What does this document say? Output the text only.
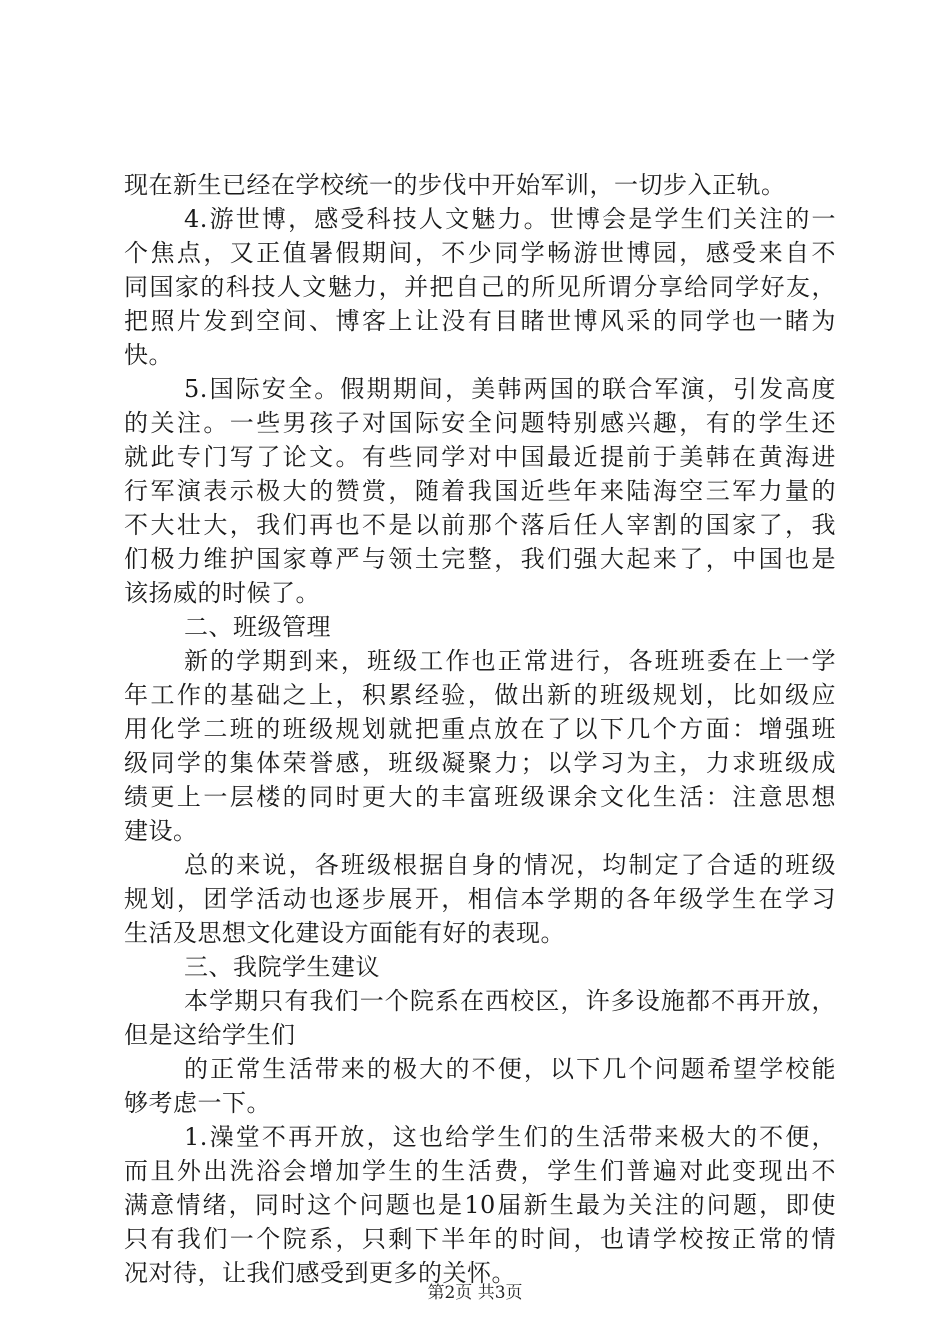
现在新生已经在学校统一的步伐中开始军训，一切步入正轨。
4.游世博，感受科技人文魅力。世博会是学生们关注的一
个焦点，又正值暑假期间，不少同学畅游世博园，感受来自不
同国家的科技人文魅力，并把自己的所见所谓分享给同学好友，
把照片发到空间、博客上让没有目睹世博风采的同学也一睹为
快。
5.国际安全。假期期间，美韩两国的联合军演，引发高度
的关注。一些男孩子对国际安全问题特别感兴趣，有的学生还
就此专门写了论文。有些同学对中国最近提前于美韩在黄海进
行军演表示极大的赞赏，随着我国近些年来陆海空三军力量的
不大壮大，我们再也不是以前那个落后任人宰割的国家了，我
们极力维护国家尊严与领土完整，我们强大起来了，中国也是
该扬威的时候了。
二、班级管理
新的学期到来，班级工作也正常进行，各班班委在上一学
年工作的基础之上，积累经验，做出新的班级规划，比如级应
用化学二班的班级规划就把重点放在了以下几个方面：增强班
级同学的集体荣誉感，班级凝聚力；以学习为主，力求班级成
绩更上一层楼的同时更大的丰富班级课余文化生活：注意思想
建设。
总的来说，各班级根据自身的情况，均制定了合适的班级
规划，团学活动也逐步展开，相信本学期的各年级学生在学习
生活及思想文化建设方面能有好的表现。
三、我院学生建议
本学期只有我们一个院系在西校区，许多设施都不再开放，
但是这给学生们
的正常生活带来的极大的不便，以下几个问题希望学校能
够考虑一下。
1.澡堂不再开放，这也给学生们的生活带来极大的不便，
而且外出洗浴会增加学生的生活费，学生们普遍对此变现出不
满意情绪，同时这个问题也是10届新生最为关注的问题，即使
只有我们一个院系，只剩下半年的时间，也请学校按正常的情
况对待，让我们感受到更多的关怀。
第2页 共3页
